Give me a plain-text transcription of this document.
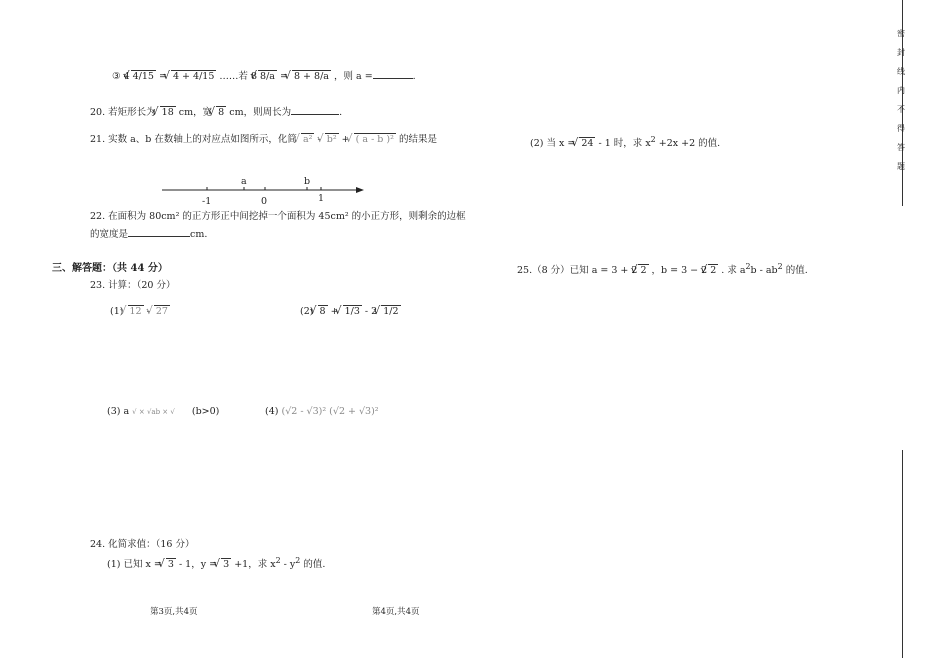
③ 4 √ 4/15 = √ 4 + 4/15 ……若 8 √ 8/a = √ 8 + 8/a ，则 a =	.
20. 若矩形长为 √ 18 cm，宽 √ 8 cm，则周长为	.
21. 实数 a、b 在数轴上的对应点如图所示，化简 √ a² - √ b² + √ ( a - b )² 的结果是
a	b
-1	0	1
22. 在面积为 80cm² 的正方形正中间挖掉一个面积为 45cm² 的小正方形，则剩余的边框
的宽度是	cm.
三、解答题：（共 44 分）
23. 计算：（20 分）
(1) √ 12 - √ 27	(2) √ 8 + √ 1/3 - 2 √ 1/2
(3) a √ × √ab × √ (b>0)	(4) (√2 - √3)² (√2 + √3)²
24. 化简求值：（16 分）
(1) 已知 x = √ 3 - 1，y = √ 3 +1，求 $x^2 - y^2$ 的值.
(2) 当 x = √ 24 - 1 时，求 $x^2 +2x +2$ 的值.
25.（8 分）已知 a = 3 + 2 √ 2 ，b = 3 − 2 √ 2 . 求 $a^2b - ab^2$ 的值.
第3页,共4页	第4页,共4页
密
封
线
内
不
得
答
题
